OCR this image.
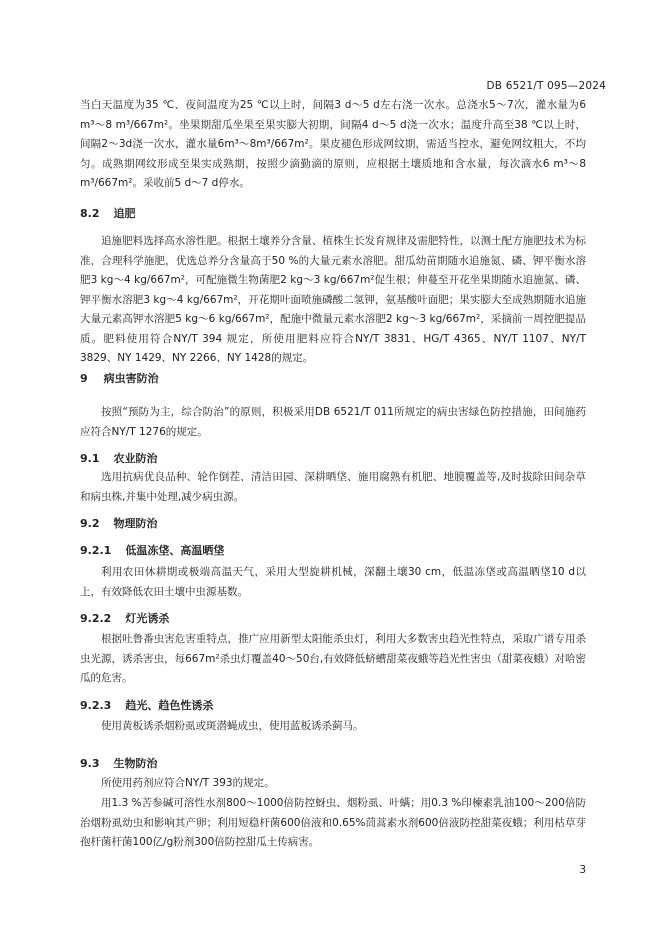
DB 6521/T 095—2024

当白天温度为35 ℃、夜间温度为25 ℃以上时，间隔3 d～5 d左右浇一次水。总浇水5～7次，灌水量为6 m³～8 m³/667m²。坐果期甜瓜坐果至果实膨大初期，间隔4 d～5 d浇一次水；温度升高至38 ℃以上时，间隔2～3d浇一次水，灌水量6m³～8m³/667m²。果皮褪色形成网纹期，需适当控水，避免网纹粗大，不均匀。成熟期网纹形成至果实成熟期，按照少滴勤滴的原则，应根据土壤质地和含水量，每次滴水6 m³～8 m³/667m²。采收前5 d～7 d停水。

8.2 追肥

追施肥料选择高水溶性肥。根据土壤养分含量、植株生长发育规律及需肥特性，以测土配方施肥技术为标准，合理科学施肥，优选总养分含量高于50 %的大量元素水溶肥。甜瓜幼苗期随水追施氮、磷、钾平衡水溶肥3 kg～4 kg/667m²，可配施微生物菌肥2 kg～3 kg/667m²促生根；伸蔓至开花坐果期随水追施氮、磷、钾平衡水溶肥3 kg～4 kg/667m²，开花期叶面喷施磷酸二氢钾，氨基酸叶面肥；果实膨大至成熟期随水追施大量元素高钾水溶肥5 kg～6 kg/667m²，配施中微量元素水溶肥2 kg～3 kg/667m²，采摘前一周控肥提品质。肥料使用符合NY/T 394 规定，所使用肥料应符合NY/T 3831、HG/T 4365、NY/T 1107、NY/T 3829、NY 1429、NY 2266、NY 1428的规定。

9 病虫害防治

按照“预防为主，综合防治”的原则，积极采用DB 6521/T 011所规定的病虫害绿色防控措施，田间施药应符合NY/T 1276的规定。

9.1 农业防治

选用抗病优良品种、轮作倒茬、清洁田园、深耕晒垡、施用腐熟有机肥、地膜覆盖等,及时拔除田间杂草和病虫株,并集中处理,减少病虫源。

9.2 物理防治
9.2.1 低温冻垡、高温晒垡

利用农田休耕期或极端高温天气，采用大型旋耕机械，深翻土壤30 cm，低温冻垡或高温晒垡10 d以上，有效降低农田土壤中虫源基数。

9.2.2 灯光诱杀

根据吐鲁番虫害危害重特点，推广应用新型太阳能杀虫灯，利用大多数害虫趋光性特点，采取广谱专用杀虫光源，诱杀害虫，每667m²杀虫灯覆盖40～50台,有效降低蛴螬甜菜夜蛾等趋光性害虫（甜菜夜蛾）对哈密瓜的危害。

9.2.3 趋光、趋色性诱杀

使用黄板诱杀烟粉虱或斑潜蝇成虫，使用蓝板诱杀蓟马。

9.3 生物防治

所使用药剂应符合NY/T 393的规定。

用1.3 %苦参碱可溶性水剂800～1000倍防控蚜虫、烟粉虱、叶螨；用0.3 %印楝素乳油100～200倍防治烟粉虱幼虫和影响其产卵；利用短稳杆菌600倍液和0.65%茼蒿素水剂600倍液防控甜菜夜蛾；利用枯草芽孢杆菌杆菌100亿/g粉剂300倍防控甜瓜土传病害。

3
